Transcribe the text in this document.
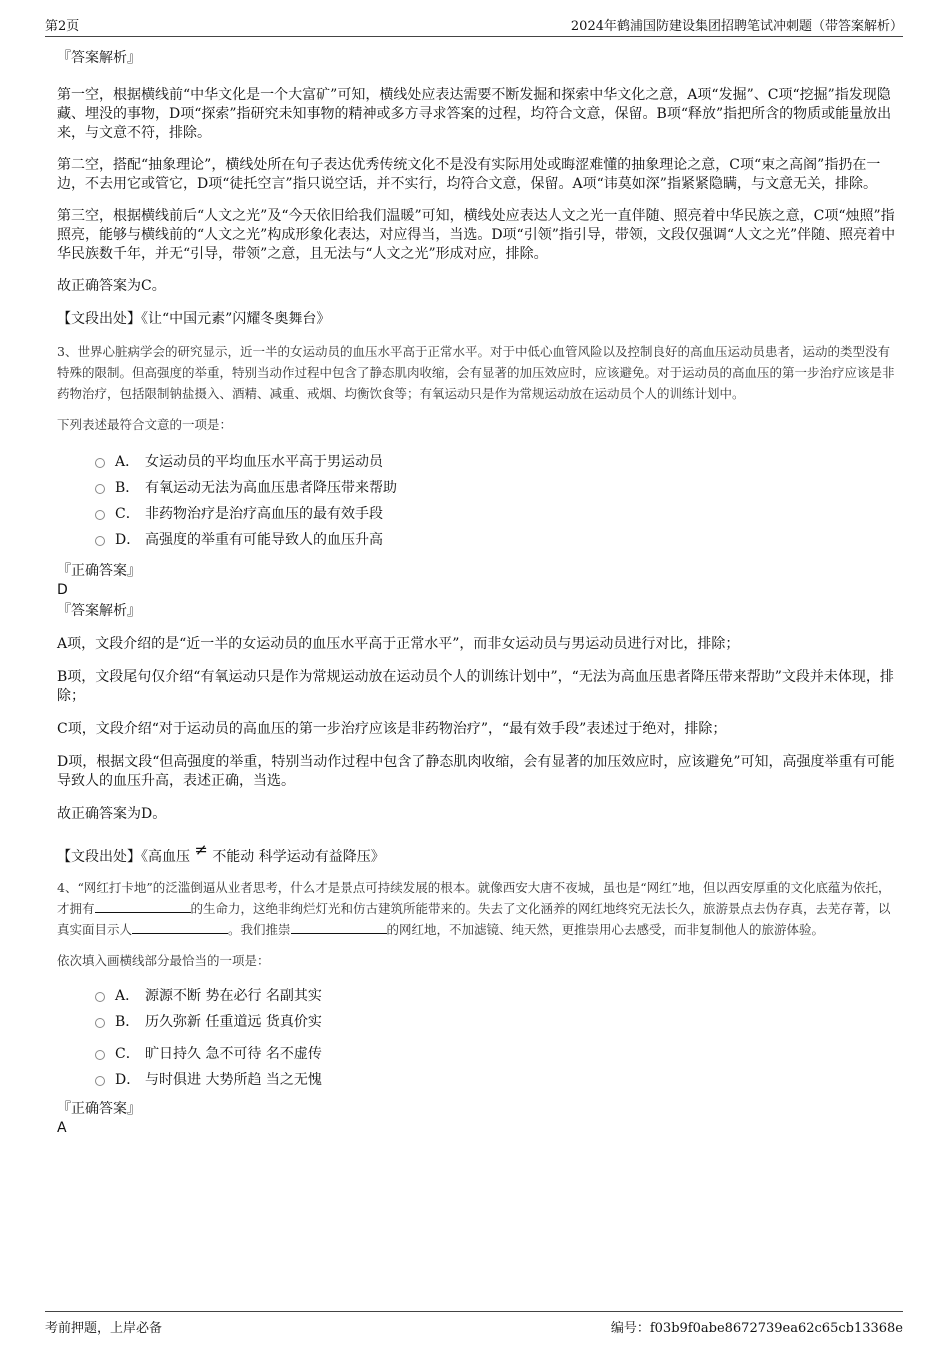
第2页	2024年鹤浦国防建设集团招聘笔试冲刺题（带答案解析）

『答案解析』

第一空，根据横线前“中华文化是一个大富矿”可知，横线处应表达需要不断发掘和探索中华文化之意，A项“发掘”、C项“挖掘”指发现隐藏、埋没的事物，D项“探索”指研究未知事物的精神或多方寻求答案的过程，均符合文意，保留。B项“释放”指把所含的物质或能量放出来，与文意不符，排除。

第二空，搭配“抽象理论”，横线处所在句子表达优秀传统文化不是没有实际用处或晦涩难懂的抽象理论之意，C项“束之高阁”指扔在一边，不去用它或管它，D项“徒托空言”指只说空话，并不实行，均符合文意，保留。A项“讳莫如深”指紧紧隐瞒，与文意无关，排除。

第三空，根据横线前后“人文之光”及“今天依旧给我们温暖”可知，横线处应表达人文之光一直伴随、照亮着中华民族之意，C项“烛照”指照亮，能够与横线前的“人文之光”构成形象化表达，对应得当，当选。D项“引领”指引导，带领，文段仅强调“人文之光”伴随、照亮着中华民族数千年，并无“引导，带领”之意，且无法与“人文之光”形成对应，排除。

故正确答案为C。

【文段出处】《让“中国元素”闪耀冬奥舞台》

3、世界心脏病学会的研究显示，近一半的女运动员的血压水平高于正常水平。对于中低心血管风险以及控制良好的高血压运动员患者，运动的类型没有特殊的限制。但高强度的举重，特别当动作过程中包含了静态肌肉收缩，会有显著的加压效应时，应该避免。对于运动员的高血压的第一步治疗应该是非药物治疗，包括限制钠盐摄入、酒精、减重、戒烟、均衡饮食等；有氧运动只是作为常规运动放在运动员个人的训练计划中。

下列表述最符合文意的一项是：

A． 女运动员的平均血压水平高于男运动员
B． 有氧运动无法为高血压患者降压带来帮助
C． 非药物治疗是治疗高血压的最有效手段
D． 高强度的举重有可能导致人的血压升高

『正确答案』

D

『答案解析』

A项，文段介绍的是“近一半的女运动员的血压水平高于正常水平”，而非女运动员与男运动员进行对比，排除；

B项，文段尾句仅介绍“有氧运动只是作为常规运动放在运动员个人的训练计划中”，“无法为高血压患者降压带来帮助”文段并未体现，排除；

C项，文段介绍“对于运动员的高血压的第一步治疗应该是非药物治疗”，“最有效手段”表述过于绝对，排除；

D项，根据文段“但高强度的举重，特别当动作过程中包含了静态肌肉收缩，会有显著的加压效应时，应该避免”可知，高强度举重有可能导致人的血压升高，表述正确，当选。

故正确答案为D。

【文段出处】《高血压 ≠ 不能动 科学运动有益降压》

4、“网红打卡地”的泛滥倒逼从业者思考，什么才是景点可持续发展的根本。就像西安大唐不夜城，虽也是“网红”地，但以西安厚重的文化底蕴为依托，才拥有	的生命力，这绝非绚烂灯光和仿古建筑所能带来的。失去了文化涵养的网红地终究无法长久，旅游景点去伪存真，去芜存菁，以真实面目示人	。我们推崇	的网红地，不加滤镜、纯天然，更推崇用心去感受，而非复制他人的旅游体验。

依次填入画横线部分最恰当的一项是：

A． 源源不断 势在必行 名副其实
B． 历久弥新 任重道远 货真价实
C． 旷日持久 急不可待 名不虚传
D． 与时俱进 大势所趋 当之无愧

『正确答案』

A

考前押题，上岸必备	编号：f03b9f0abe8672739ea62c65cb13368e
